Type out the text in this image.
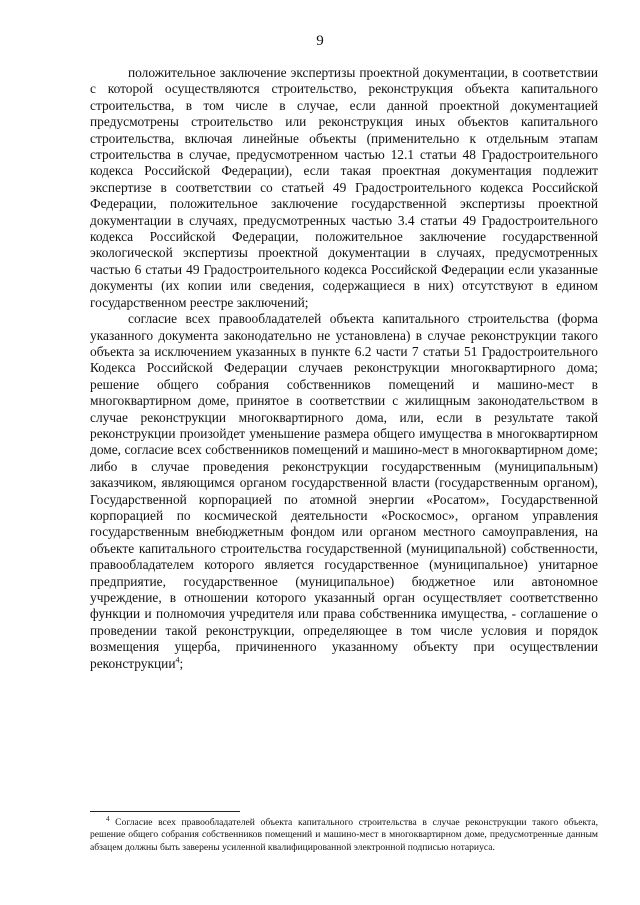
9

положительное заключение экспертизы проектной документации, в соответствии с которой осуществляются строительство, реконструкция объекта капитального строительства, в том числе в случае, если данной проектной документацией предусмотрены строительство или реконструкция иных объектов капитального строительства, включая линейные объекты (применительно к отдельным этапам строительства в случае, предусмотренном частью 12.1 статьи 48 Градостроительного кодекса Российской Федерации), если такая проектная документация подлежит экспертизе в соответствии со статьей 49 Градостроительного кодекса Российской Федерации, положительное заключение государственной экспертизы проектной документации в случаях, предусмотренных частью 3.4 статьи 49 Градостроительного кодекса Российской Федерации, положительное заключение государственной экологической экспертизы проектной документации в случаях, предусмотренных частью 6 статьи 49 Градостроительного кодекса Российской Федерации если указанные документы (их копии или сведения, содержащиеся в них) отсутствуют в едином государственном реестре заключений;

согласие всех правообладателей объекта капитального строительства (форма указанного документа законодательно не установлена) в случае реконструкции такого объекта за исключением указанных в пункте 6.2 части 7 статьи 51 Градостроительного Кодекса Российской Федерации случаев реконструкции многоквартирного дома; решение общего собрания собственников помещений и машино-мест в многоквартирном доме, принятое в соответствии с жилищным законодательством в случае реконструкции многоквартирного дома, или, если в результате такой реконструкции произойдет уменьшение размера общего имущества в многоквартирном доме, согласие всех собственников помещений и машино-мест в многоквартирном доме; либо в случае проведения реконструкции государственным (муниципальным) заказчиком, являющимся органом государственной власти (государственным органом), Государственной корпорацией по атомной энергии «Росатом», Государственной корпорацией по космической деятельности «Роскосмос», органом управления государственным внебюджетным фондом или органом местного самоуправления, на объекте капитального строительства государственной (муниципальной) собственности, правообладателем которого является государственное (муниципальное) унитарное предприятие, государственное (муниципальное) бюджетное или автономное учреждение, в отношении которого указанный орган осуществляет соответственно функции и полномочия учредителя или права собственника имущества, - соглашение о проведении такой реконструкции, определяющее в том числе условия и порядок возмещения ущерба, причиненного указанному объекту при осуществлении реконструкции$^4$;

$^4$ Согласие всех правообладателей объекта капитального строительства в случае реконструкции такого объекта, решение общего собрания собственников помещений и машино-мест в многоквартирном доме, предусмотренные данным абзацем должны быть заверены усиленной квалифицированной электронной подписью нотариуса.
